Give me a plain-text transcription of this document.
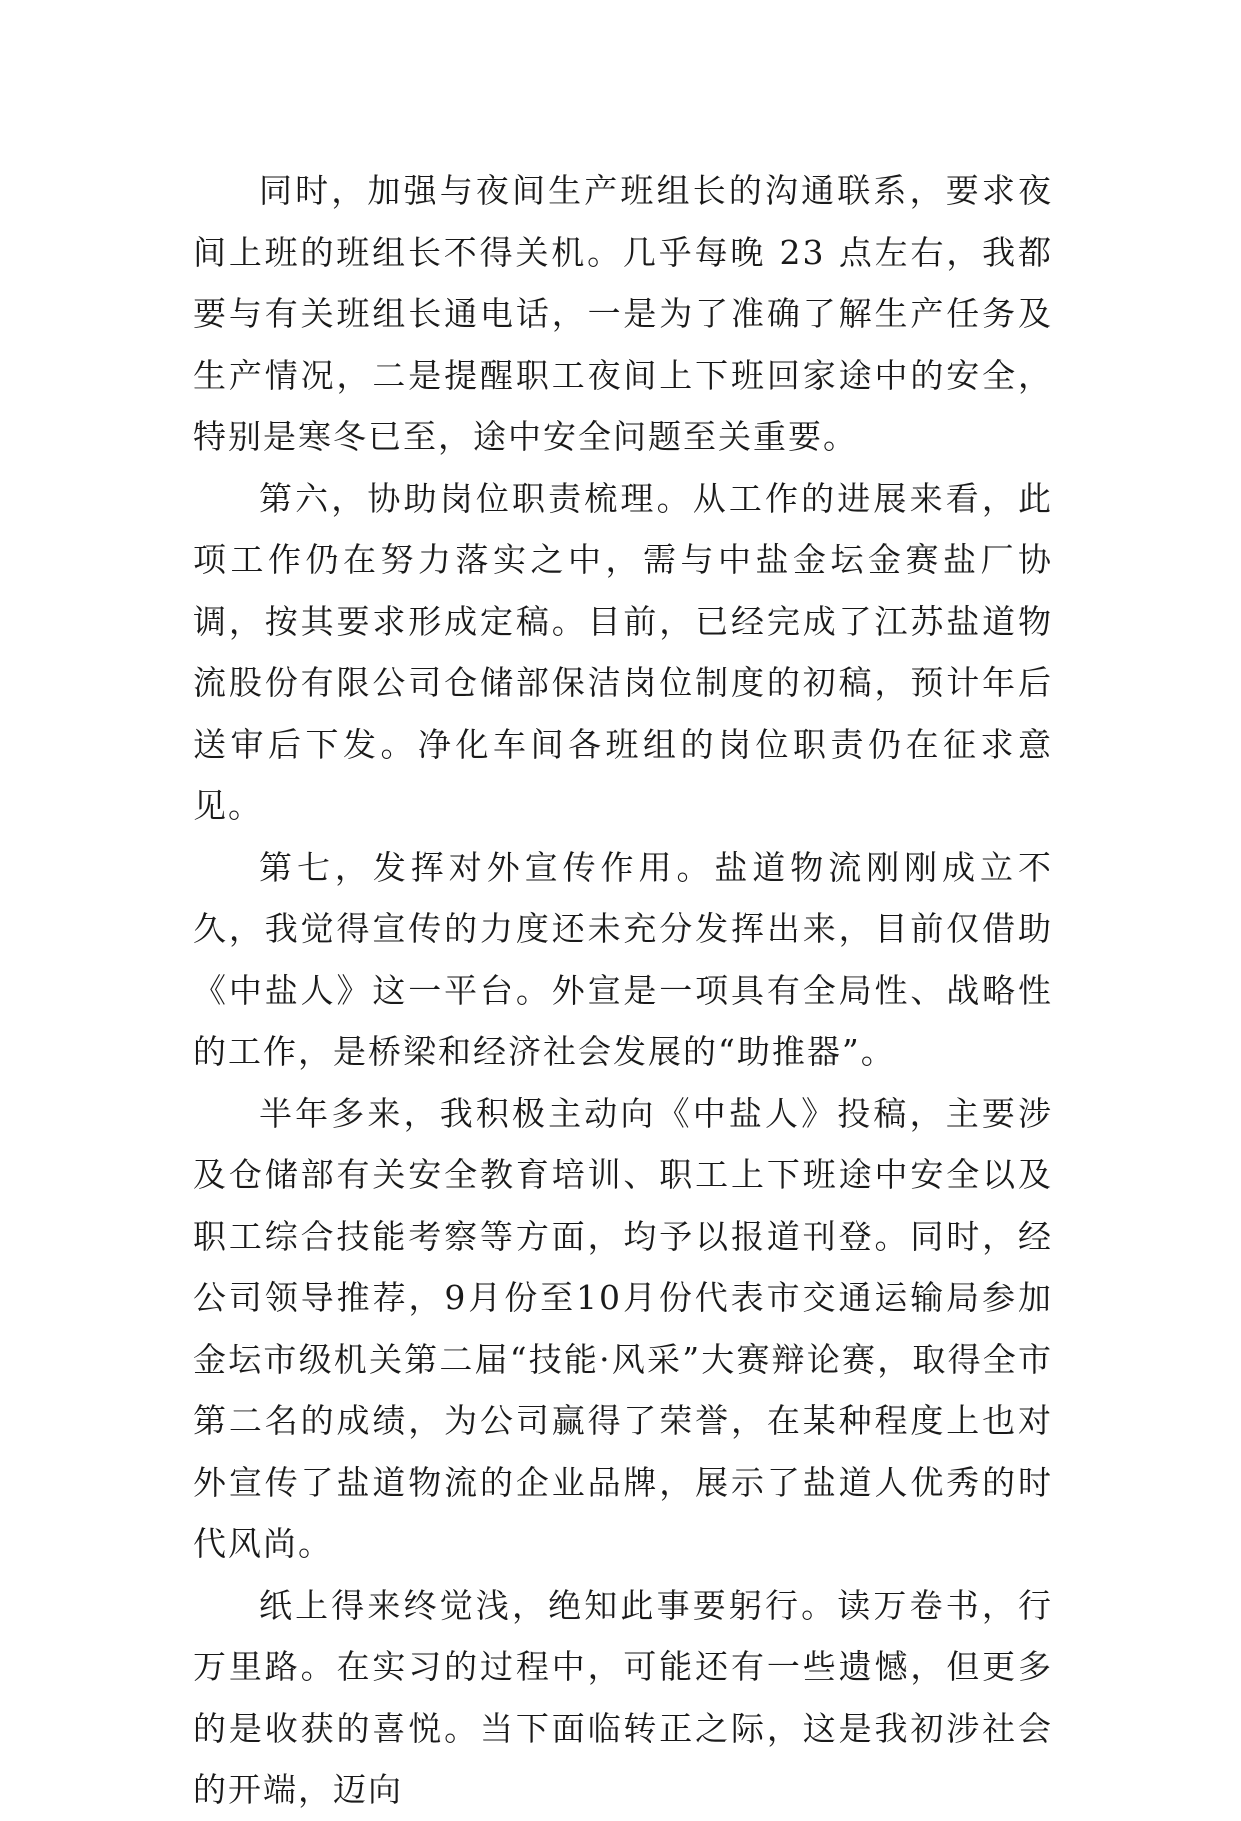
同时，加强与夜间生产班组长的沟通联系，要求夜间上班的班组长不得关机。几乎每晚 23 点左右，我都要与有关班组长通电话，一是为了准确了解生产任务及生产情况，二是提醒职工夜间上下班回家途中的安全，特别是寒冬已至，途中安全问题至关重要。

第六，协助岗位职责梳理。从工作的进展来看，此项工作仍在努力落实之中，需与中盐金坛金赛盐厂协调，按其要求形成定稿。目前，已经完成了江苏盐道物流股份有限公司仓储部保洁岗位制度的初稿，预计年后送审后下发。净化车间各班组的岗位职责仍在征求意见。

第七，发挥对外宣传作用。盐道物流刚刚成立不久，我觉得宣传的力度还未充分发挥出来，目前仅借助《中盐人》这一平台。外宣是一项具有全局性、战略性的工作，是桥梁和经济社会发展的“助推器”。

半年多来，我积极主动向《中盐人》投稿，主要涉及仓储部有关安全教育培训、职工上下班途中安全以及职工综合技能考察等方面，均予以报道刊登。同时，经公司领导推荐，9月份至10月份代表市交通运输局参加金坛市级机关第二届“技能·风采”大赛辩论赛，取得全市第二名的成绩，为公司赢得了荣誉，在某种程度上也对外宣传了盐道物流的企业品牌，展示了盐道人优秀的时代风尚。

纸上得来终觉浅，绝知此事要躬行。读万卷书，行万里路。在实习的过程中，可能还有一些遗憾，但更多的是收获的喜悦。当下面临转正之际，这是我初涉社会的开端，迈向
